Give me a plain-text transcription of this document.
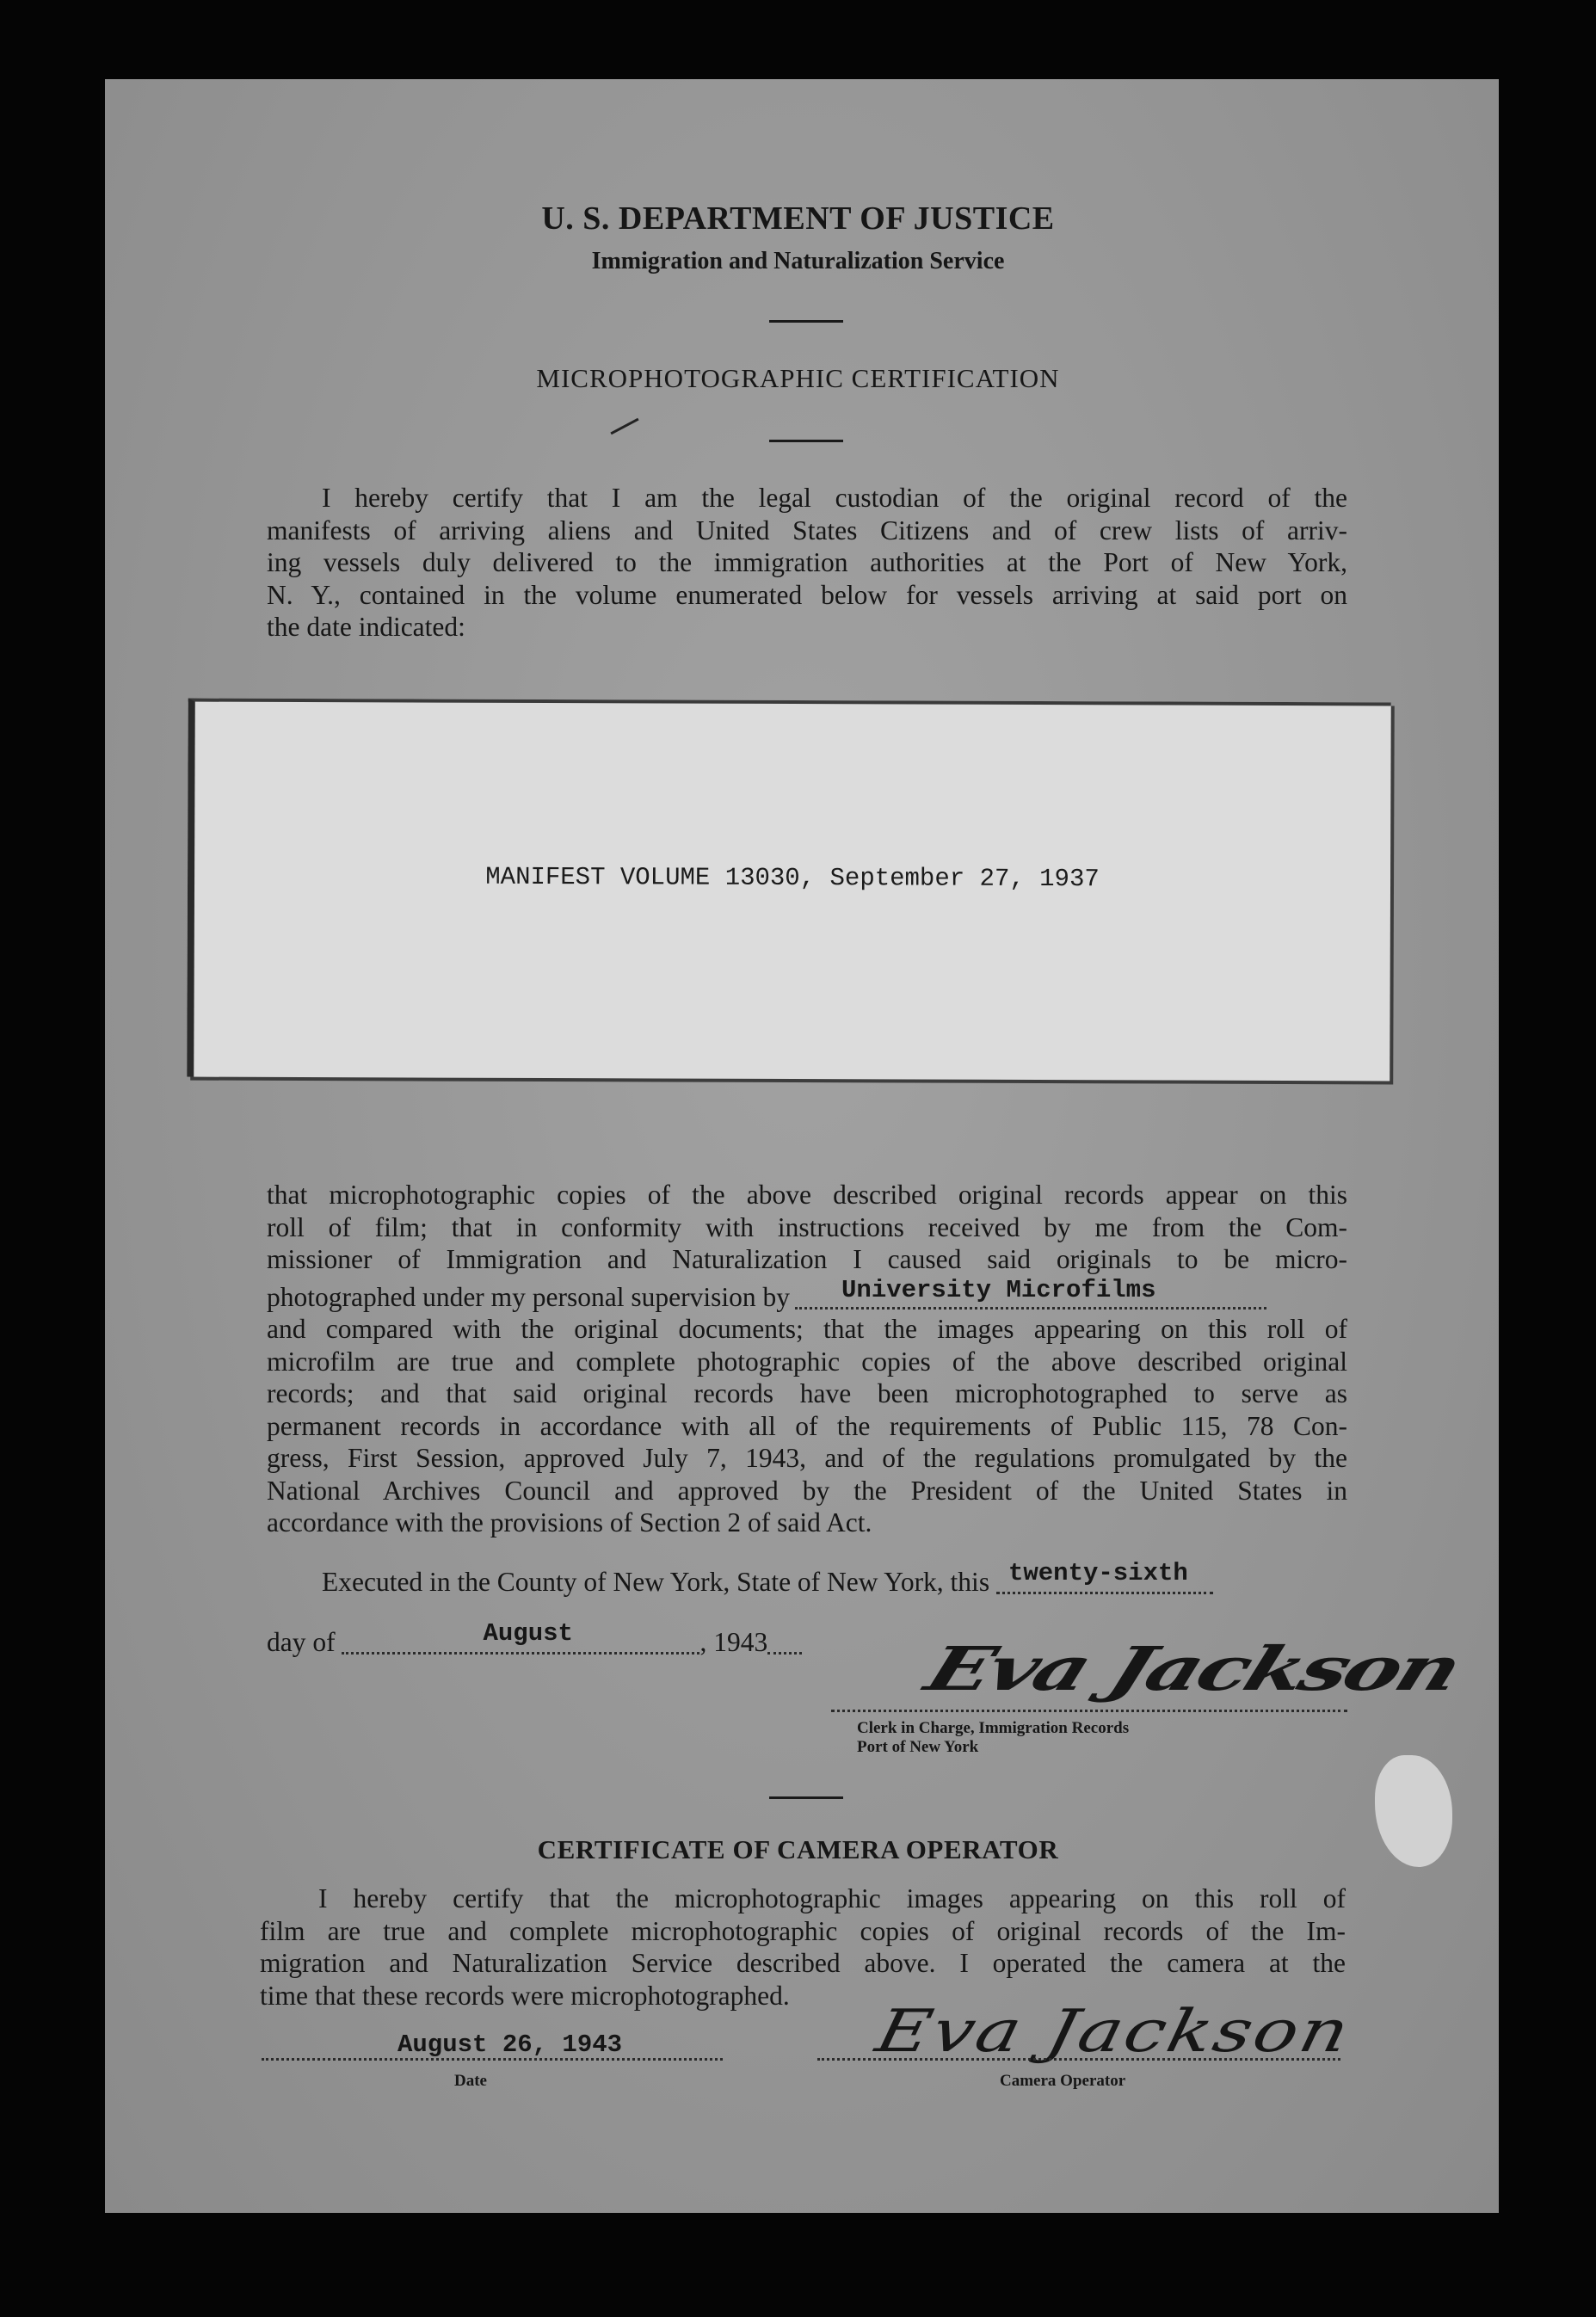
U. S. DEPARTMENT OF JUSTICE
Immigration and Naturalization Service
MICROPHOTOGRAPHIC CERTIFICATION
I hereby certify that I am the legal custodian of the original record of the
manifests of arriving aliens and United States Citizens and of crew lists of arriv-
ing vessels duly delivered to the immigration authorities at the Port of New York,
N. Y., contained in the volume enumerated below for vessels arriving at said port on
the date indicated:
MANIFEST VOLUME 13030, September 27, 1937
that microphotographic copies of the above described original records appear on this
roll of film; that in conformity with instructions received by me from the Com-
missioner of Immigration and Naturalization I caused said originals to be micro-
photographed under my personal supervision by University Microfilms
and compared with the original documents; that the images appearing on this roll of
microfilm are true and complete photographic copies of the above described original
records; and that said original records have been microphotographed to serve as
permanent records in accordance with all of the requirements of Public 115, 78 Con-
gress, First Session, approved July 7, 1943, and of the regulations promulgated by the
National Archives Council and approved by the President of the United States in
accordance with the provisions of Section 2 of said Act.
Executed in the County of New York, State of New York, this twenty-sixth
day of	August	, 1943	Eva Jackson
Clerk in Charge, Immigration Records
Port of New York
CERTIFICATE OF CAMERA OPERATOR
I hereby certify that the microphotographic images appearing on this roll of
film are true and complete microphotographic copies of original records of the Im-
migration and Naturalization Service described above. I operated the camera at the
time that these records were microphotographed.
August 26, 1943
Date
Eva Jackson
Camera Operator
